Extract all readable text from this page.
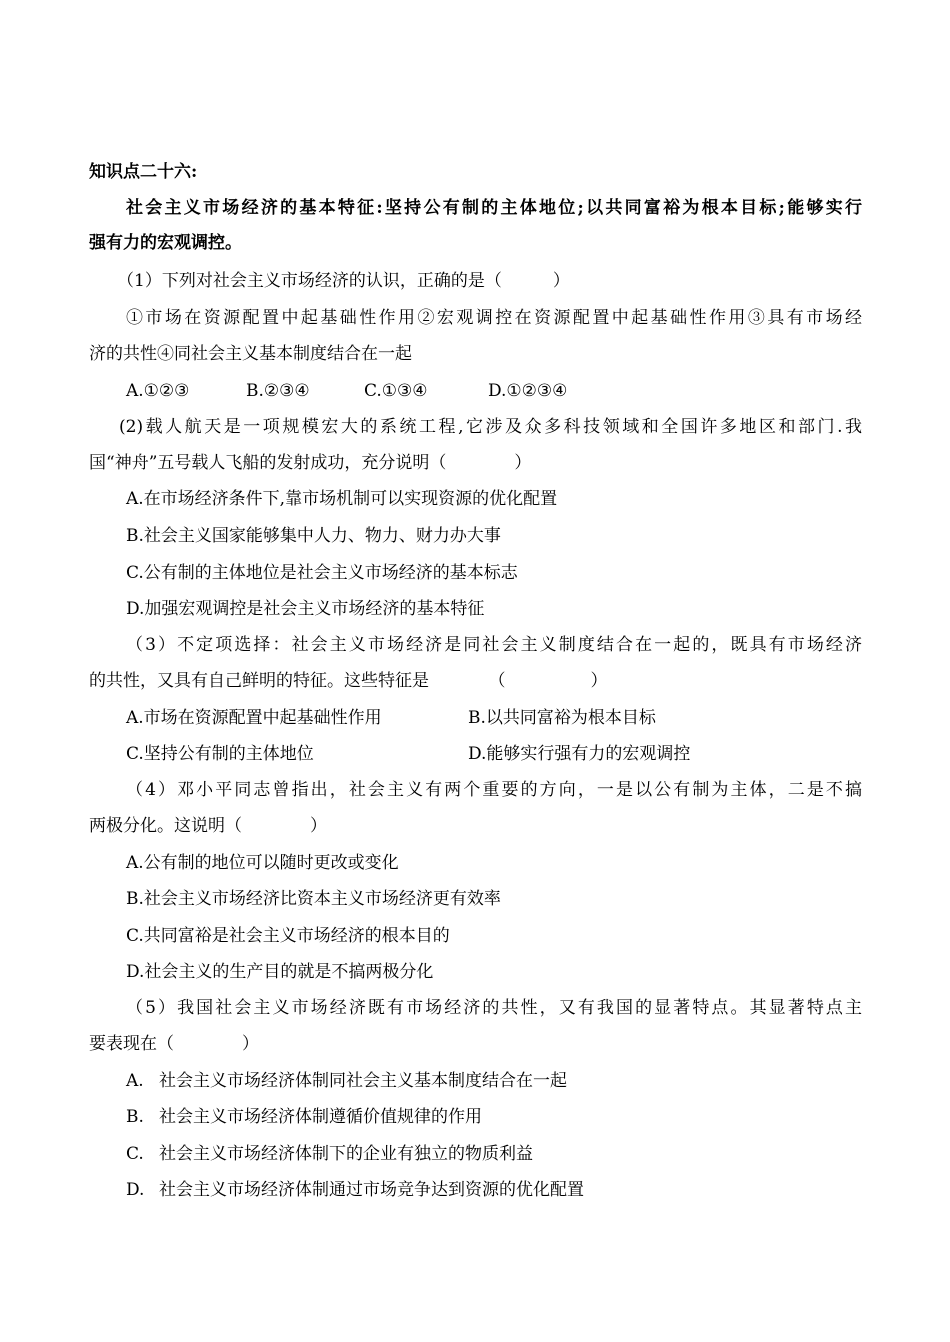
知识点二十六:
社会主义市场经济的基本特征:坚持公有制的主体地位;以共同富裕为根本目标;能够实行
强有力的宏观调控。
（1）下列对社会主义市场经济的认识，正确的是（　　　）
①市场在资源配置中起基础性作用②宏观调控在资源配置中起基础性作用③具有市场经
济的共性④同社会主义基本制度结合在一起
A.①②③	B.②③④	C.①③④	D.①②③④
(2)载人航天是一项规模宏大的系统工程,它涉及众多科技领域和全国许多地区和部门.我
国“神舟”五号载人飞船的发射成功，充分说明（　　　　）
A.在市场经济条件下,靠市场机制可以实现资源的优化配置
B.社会主义国家能够集中人力、物力、财力办大事
C.公有制的主体地位是社会主义市场经济的基本标志
D.加强宏观调控是社会主义市场经济的基本特征
（3）不定项选择：社会主义市场经济是同社会主义制度结合在一起的，既具有市场经济
的共性，又具有自己鲜明的特征。这些特征是　　　　（　　　　　）
A.市场在资源配置中起基础性作用	B.以共同富裕为根本目标
C.坚持公有制的主体地位	D.能够实行强有力的宏观调控
（4）邓小平同志曾指出，社会主义有两个重要的方向，一是以公有制为主体，二是不搞
两极分化。这说明（　　　　）
A.公有制的地位可以随时更改或变化
B.社会主义市场经济比资本主义市场经济更有效率
C.共同富裕是社会主义市场经济的根本目的
D.社会主义的生产目的就是不搞两极分化
（5）我国社会主义市场经济既有市场经济的共性，又有我国的显著特点。其显著特点主
要表现在（　　　　）
A. 社会主义市场经济体制同社会主义基本制度结合在一起
B. 社会主义市场经济体制遵循价值规律的作用
C. 社会主义市场经济体制下的企业有独立的物质利益
D. 社会主义市场经济体制通过市场竞争达到资源的优化配置
